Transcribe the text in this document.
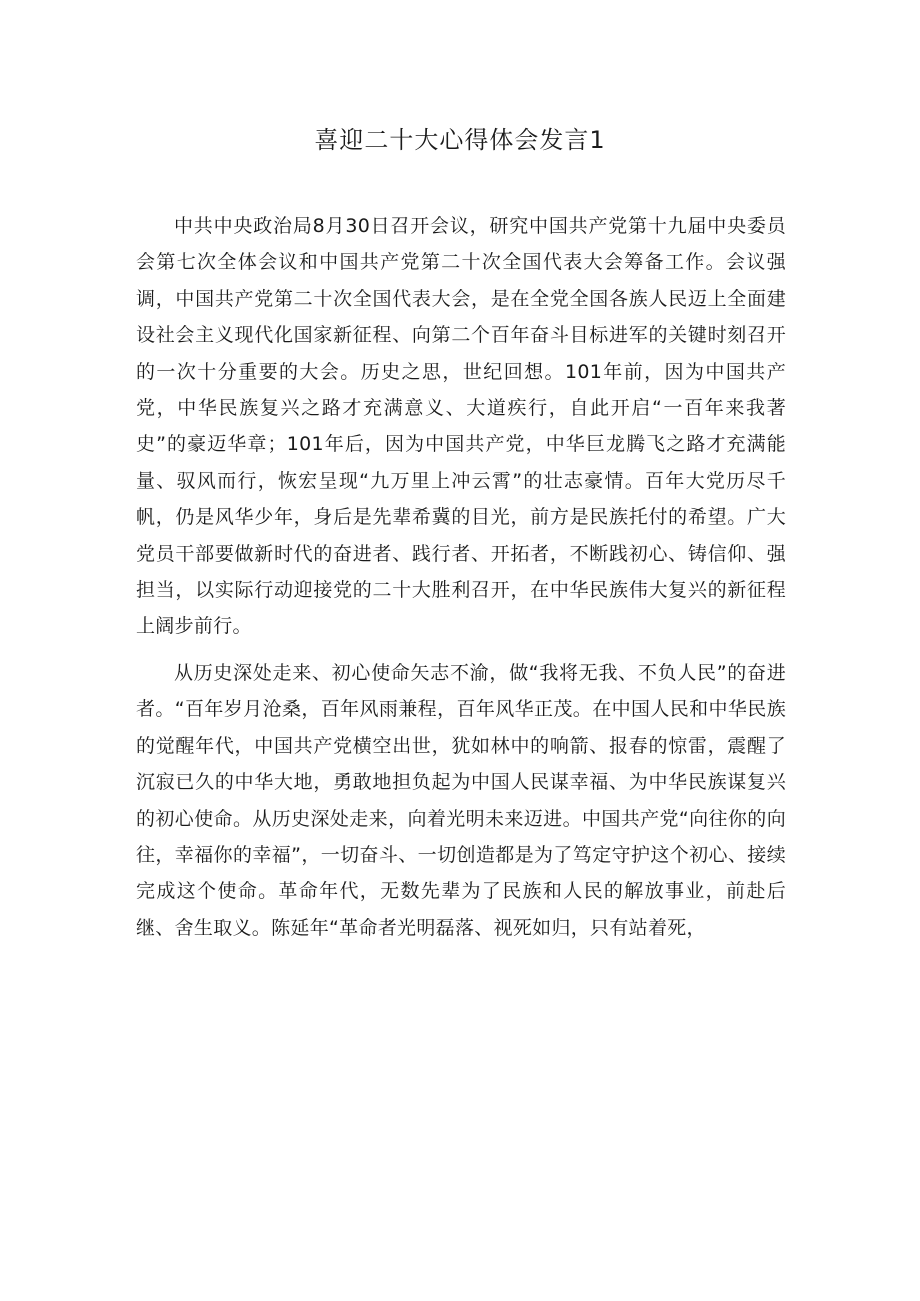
喜迎二十大心得体会发言1

中共中央政治局8月30日召开会议，研究中国共产党第十九届中央委员会第七次全体会议和中国共产党第二十次全国代表大会筹备工作。会议强调，中国共产党第二十次全国代表大会，是在全党全国各族人民迈上全面建设社会主义现代化国家新征程、向第二个百年奋斗目标进军的关键时刻召开的一次十分重要的大会。历史之思，世纪回想。101年前，因为中国共产党，中华民族复兴之路才充满意义、大道疾行，自此开启“一百年来我著史”的豪迈华章；101年后，因为中国共产党，中华巨龙腾飞之路才充满能量、驭风而行，恢宏呈现“九万里上冲云霄”的壮志豪情。百年大党历尽千帆，仍是风华少年，身后是先辈希冀的目光，前方是民族托付的希望。广大党员干部要做新时代的奋进者、践行者、开拓者，不断践初心、铸信仰、强担当，以实际行动迎接党的二十大胜利召开，在中华民族伟大复兴的新征程上阔步前行。

从历史深处走来、初心使命矢志不渝，做“我将无我、不负人民”的奋进者。“百年岁月沧桑，百年风雨兼程，百年风华正茂。在中国人民和中华民族的觉醒年代，中国共产党横空出世，犹如林中的响箭、报春的惊雷，震醒了沉寂已久的中华大地，勇敢地担负起为中国人民谋幸福、为中华民族谋复兴的初心使命。从历史深处走来，向着光明未来迈进。中国共产党“向往你的向往，幸福你的幸福”，一切奋斗、一切创造都是为了笃定守护这个初心、接续完成这个使命。革命年代，无数先辈为了民族和人民的解放事业，前赴后继、舍生取义。陈延年“革命者光明磊落、视死如归，只有站着死，
